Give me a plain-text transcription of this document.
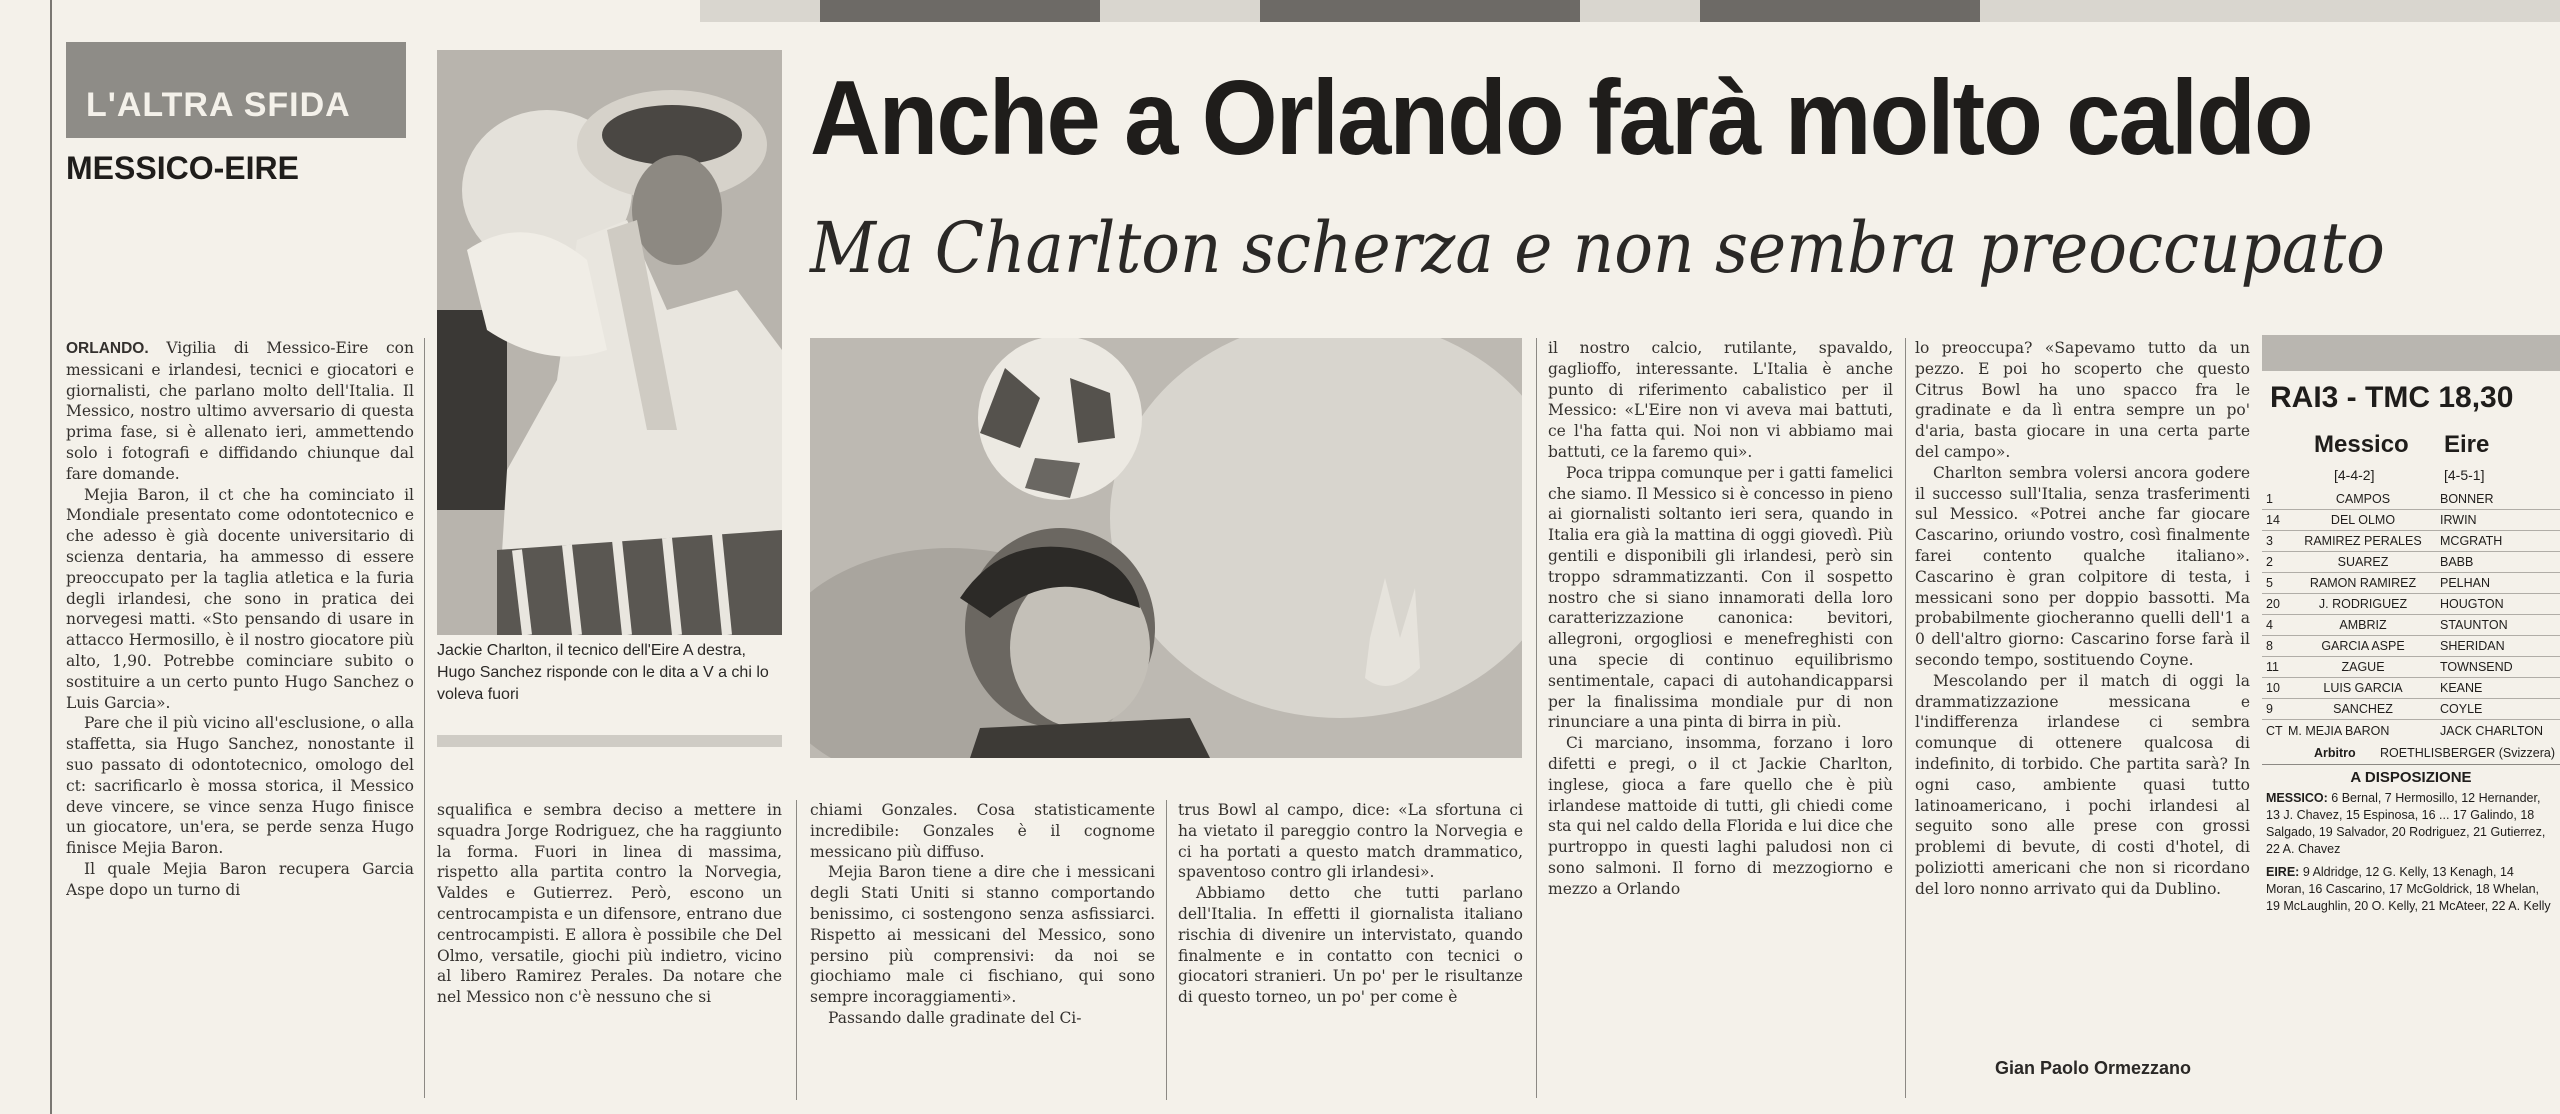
L'ALTRA SFIDA
MESSICO-EIRE	Anche a Orlando farà molto caldo
Ma Charlton scherza e non sembra preoccupato
Jackie Charlton, il tecnico dell'Eire A destra, Hugo Sanchez risponde con le dita a V a chi lo voleva fuori

ORLANDO. Vigilia di Messico-Eire con messicani e irlandesi, tecnici e giocatori e giornalisti, che parlano molto dell'Italia. Il Messico, nostro ultimo avversario di questa prima fase, si è allenato ieri, ammettendo solo i fotografi e diffidando chiunque dal fare domande.

Mejia Baron, il ct che ha cominciato il Mondiale presentato come odontotecnico e che adesso è già docente universitario di scienza dentaria, ha ammesso di essere preoccupato per la taglia atletica e la furia degli irlandesi, che sono in pratica dei norvegesi matti. «Sto pensando di usare in attacco Hermosillo, è il nostro giocatore più alto, 1,90. Potrebbe cominciare subito o sostituire a un certo punto Hugo Sanchez o Luis Garcia».

Pare che il più vicino all'esclusione, o alla staffetta, sia Hugo Sanchez, nonostante il suo passato di odontotecnico, omologo del ct: sacrificarlo è mossa storica, il Messico deve vincere, se vince senza Hugo finisce un giocatore, un'era, se perde senza Hugo finisce Mejia Baron.

Il quale Mejia Baron recupera Garcia Aspe dopo un turno di

squalifica e sembra deciso a mettere in squadra Jorge Rodriguez, che ha raggiunto la forma. Fuori in linea di massima, rispetto alla partita contro la Norvegia, Valdes e Gutierrez. Però, escono un centrocampista e un difensore, entrano due centrocampisti. E allora è possibile che Del Olmo, versatile, giochi più indietro, vicino al libero Ramirez Perales. Da notare che nel Messico non c'è nessuno che si

chiami Gonzales. Cosa statisticamente incredibile: Gonzales è il cognome messicano più diffuso.

Mejia Baron tiene a dire che i messicani degli Stati Uniti si stanno comportando benissimo, ci sostengono senza asfissiarci. Rispetto ai messicani del Messico, sono persino più comprensivi: da noi se giochiamo male ci fischiano, qui sono sempre incoraggiamenti».

Passando dalle gradinate del Ci-

trus Bowl al campo, dice: «La sfortuna ci ha vietato il pareggio contro la Norvegia e ci ha portati a questo match drammatico, spaventoso contro gli irlandesi».

Abbiamo detto che tutti parlano dell'Italia. In effetti il giornalista italiano rischia di divenire un intervistato, quando finalmente e in contatto con tecnici o giocatori stranieri. Un po' per le risultanze di questo torneo, un po' per come è

il nostro calcio, rutilante, spavaldo, gaglioffo, interessante. L'Italia è anche punto di riferimento cabalistico per il Messico: «L'Eire non vi aveva mai battuti, ce l'ha fatta qui. Noi non vi abbiamo mai battuti, ce la faremo qui».

Poca trippa comunque per i gatti famelici che siamo. Il Messico si è concesso in pieno ai giornalisti soltanto ieri sera, quando in Italia era già la mattina di oggi giovedì. Più gentili e disponibili gli irlandesi, però sin troppo sdrammatizzanti. Con il sospetto nostro che si siano innamorati della loro caratterizzazione canonica: bevitori, allegroni, orgogliosi e menefreghisti con una specie di continuo equilibrismo sentimentale, capaci di autohandicapparsi per la finalissima mondiale pur di non rinunciare a una pinta di birra in più.

Ci marciano, insomma, forzano i loro difetti e pregi, o il ct Jackie Charlton, inglese, gioca a fare quello che è più irlandese mattoide di tutti, gli chiedi come sta qui nel caldo della Florida e lui dice che purtroppo in questi laghi paludosi non ci sono salmoni. Il forno di mezzogiorno e mezzo a Orlando

lo preoccupa? «Sapevamo tutto da un pezzo. E poi ho scoperto che questo Citrus Bowl ha uno spacco fra le gradinate e da lì entra sempre un po' d'aria, basta giocare in una certa parte del campo».

Charlton sembra volersi ancora godere il successo sull'Italia, senza trasferimenti sul Messico. «Potrei anche far giocare Cascarino, oriundo vostro, così finalmente farei contento qualche italiano». Cascarino è gran colpitore di testa, i messicani sono per doppio bassotti. Ma probabilmente giocheranno quelli dell'1 a 0 dell'altro giorno: Cascarino forse farà il secondo tempo, sostituendo Coyne.

Mescolando per il match di oggi la drammatizzazione messicana e l'indifferenza irlandese ci sembra comunque di ottenere qualcosa di indefinito, di torbido. Che partita sarà? In ogni caso, ambiente quasi tutto latinoamericano, i pochi irlandesi al seguito sono alle prese con grossi problemi di bevute, di costi d'hotel, di poliziotti americani che non si ricordano del loro nonno arrivato qui da Dublino.

Gian Paolo Ormezzano
RAI3 - TMC 18,30
Messico Eire
[4-4-2]	[4-5-1]
1	CAMPOS	BONNER
14	DEL OLMO	IRWIN
3	RAMIREZ PERALES	MCGRATH
2	SUAREZ	BABB
5	RAMON RAMIREZ	PELHAN
20	J. RODRIGUEZ	HOUGTON
4	AMBRIZ	STAUNTON
8	GARCIA ASPE	SHERIDAN
11	ZAGUE	TOWNSEND
10	LUIS GARCIA	KEANE
9	SANCHEZ	COYLE
CT M. MEJIA BARON	JACK CHARLTON
Arbitro ROETHLISBERGER (Svizzera)
A DISPOSIZIONE
MESSICO: 6 Bernal, 7 Hermosillo, 12 Hernander, 13 J. Chavez, 15 Espinosa, 16 ... 17 Galindo, 18 Salgado, 19 Salvador, 20 Rodriguez, 21 Gutierrez, 22 A. Chavez
EIRE: 9 Aldridge, 12 G. Kelly, 13 Kenagh, 14 Moran, 16 Cascarino, 17 McGoldrick, 18 Whelan, 19 McLaughlin, 20 O. Kelly, 21 McAteer, 22 A. Kelly
